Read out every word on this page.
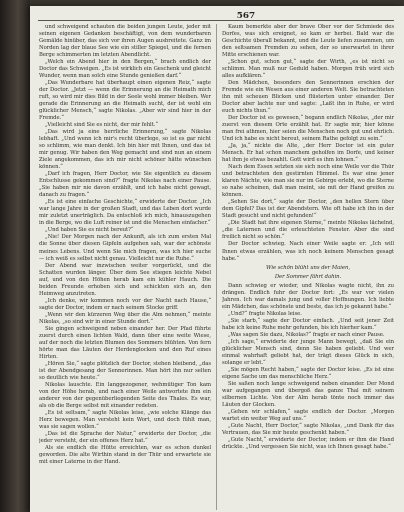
567

und schweigend schauten die beiden jungen Leute, jeder mit seinen eigenen Gedanken beschäftigt, von dem wunderbaren Gemälde hinüber, das sich vor ihren Augen ausbreitete. Ganz im Norden lag der blaue See wie ein stiller Spiegel, und die fernen Berge schimmerten im letzten Abendlicht.

„Welch ein Abend hier in den Bergen,“ brach endlich der Doctor das Schweigen. „Es ist wirklich ein Geschenk und gleicht Wunder, wenn man solch eine Stunde genießen darf.“

„Das Wunderbare hat überhaupt einen eigenen Reiz,“ sagte der Doctor. „Jetzt — wenn die Erinnerung an die Heimath mich ruft, so wird mir dies Bild in der Seele wohl immer bleiben. Wer gerade die Erinnerung an die Heimath sucht, der ist wohl ein glücklicher Mensch,“ sagte Nikolas. „Aber wir sind hier in der Fremde.“

„Vielleicht sind Sie es nicht, der mir fehlt.“

„Das wird ja eine herrliche Erinnerung,“ sagte Nikolas lebhaft. „Und wenn ich mir's recht überlege, so ist es gar nicht so schlimm, wie man denkt. Ich bin hier mit Ihnen, und das ist mir genug. Wir haben den Weg gemacht und sind nun an einem Ziele angekommen, das ich mir nicht schöner hätte wünschen können.“

„Darf ich fragen, Herr Doctor, wie Sie eigentlich zu diesem Entschlusse gekommen sind?“ fragte Nikolas nach einer Pause. „Sie haben mir nie davon erzählt, und ich habe nicht gewagt, danach zu fragen.“

„Es ist eine einfache Geschichte,“ erwiderte der Doctor. „Ich war lange Jahre in der großen Stadt, und das Leben dort wurde mir zuletzt unerträglich. Da entschloß ich mich, hinauszugehen in die Berge, wo die Luft reiner ist und die Menschen einfacher.“

„Und haben Sie es nicht bereut?“

„Nie! Der Morgen nach der Ankunft, als ich zum ersten Mal die Sonne über diesen Gipfeln aufgehen sah, war der schönste meines Lebens. Und wenn Sie mich fragen, was ich hier suche — ich weiß es selbst nicht genau. Vielleicht nur die Ruhe.“

Der Abend war inzwischen weiter vorgerückt, und die Schatten wurden länger. Über dem See stiegen leichte Nebel auf, und von den Höhen herab kam ein kühler Hauch. Die beiden Freunde erhoben sich und schickten sich an, den Heimweg anzutreten.

„Ich denke, wir kommen noch vor der Nacht nach Hause,“ sagte der Doctor, indem er nach seinem Stocke griff.

„Wenn wir den kürzeren Weg über die Alm nehmen,“ meinte Nikolas, „so sind wir in einer Stunde dort.“

Sie gingen schweigend neben einander her. Der Pfad führte zuerst durch einen lichten Wald, dann über eine weite Wiese, auf der noch die letzten Blumen des Sommers blühten. Von fern hörte man das Läuten der Herdenglocken und den Ruf eines Hirten.

„Hören Sie,“ sagte plötzlich der Doctor, stehen bleibend, „das ist der Abendgesang der Sennerinnen. Man hört ihn nur selten so deutlich wie heute.“

Nikolas lauschte. Ein langgezogener, wehmütiger Ton kam von der Höhe herab, und nach einer Weile antwortete ihm ein anderer von der gegenüberliegenden Seite des Thales. Es war, als ob die Berge selbst mit einander redeten.

„Es ist seltsam,“ sagte Nikolas leise, „wie solche Klänge das Herz bewegen. Man versteht kein Wort, und doch fühlt man, was sie sagen wollen.“

„Das ist die Sprache der Natur,“ erwiderte der Doctor, „die jeder versteht, der ein offenes Herz hat.“

Als sie endlich die Hütte erreichten, war es schon dunkel geworden. Die alte Wirthin stand in der Thür und erwartete sie mit einer Laterne in der Hand.

Kaum bemerkte aber der brave Ober vor der Schmiede des Dorfes, was sich ereignet, so kam er herbei. Bald war die Geschichte überall bekannt, und die Leute liefen zusammen, um den seltsamen Fremden zu sehen, der so unerwartet in ihrer Mitte erschienen war.

„Schon gut, schon gut,“ sagte der Wirth, „es ist nicht so schlimm. Man muß nur Geduld haben. Morgen früh wird sich alles aufklären.“

Den Mädchen, besonders den Sennerinnen erschien der Fremde wie ein Wesen aus einer anderen Welt. Sie betrachteten ihn mit scheuen Blicken und flüsterten unter einander. Der Doctor aber lachte nur und sagte: „Laßt ihn in Ruhe, er wird euch nichts thun.“

Der Doctor ist es gewesen,“ begann endlich Nikolas, „der mir zuerst von diesem Orte erzählt hat. Er sagte mir, hier könne man frei athmen, hier seien die Menschen noch gut und ehrlich. Und ich habe es nicht bereut, seinem Rathe gefolgt zu sein.“

„Ja, ja,“ nickte die Alte, „der Herr Doctor ist ein guter Mensch. Er hat schon manchem geholfen im Dorfe, und keiner hat ihm je etwas bezahlt. Gott wird es ihm lohnen.“

Nach dem Essen setzten sie sich noch eine Weile vor die Thür und betrachteten den gestirnten Himmel. Es war eine jener klaren Nächte, wie man sie nur im Gebirge erlebt, wo die Sterne so nahe scheinen, daß man meint, sie mit der Hand greifen zu können.

„Sehen Sie dort,“ sagte der Doctor, „den hellen Stern über dem Gipfel? Das ist der Abendstern. Wie oft habe ich ihn in der Stadt gesucht und nicht gefunden!“

„Die Stadt hat ihre eigenen Sterne,“ meinte Nikolas lächelnd, „die Laternen und die erleuchteten Fenster. Aber die sind freilich nicht so schön.“

Der Doctor schwieg. Nach einer Weile sagte er: „Ich will Ihnen etwas erzählen, was ich noch keinem Menschen gesagt habe.“

Wie schön blüht uns der Maien,

Der Sommer fährt dahin.

Dann schwieg er wieder, und Nikolas wagte nicht, ihn zu drängen. Endlich fuhr der Doctor fort: „Es war vor vielen Jahren. Ich war damals jung und voller Hoffnungen. Ich liebte ein Mädchen, das schönste und beste, das ich je gekannt habe.“

„Und?“ fragte Nikolas leise.

„Sie starb,“ sagte der Doctor einfach. „Und seit jener Zeit habe ich keine Ruhe mehr gefunden, bis ich hierher kam.“

„Was sagen Sie dazu, Nikolas?“ fragte er nach einer Pause.

„Ich sage,“ erwiderte der junge Mann bewegt, „daß Sie ein glücklicher Mensch sind, denn Sie haben geliebt. Und wer einmal wahrhaft geliebt hat, der trägt dieses Glück in sich, solange er lebt.“

„Sie mögen Recht haben,“ sagte der Doctor leise. „Es ist eine eigene Sache um das menschliche Herz.“

Sie saßen noch lange schweigend neben einander. Der Mond war aufgegangen und übergoß das ganze Thal mit seinem silbernen Lichte. Von der Alm herab tönte noch immer das Läuten der Glocken.

„Gehen wir schlafen,“ sagte endlich der Doctor. „Morgen wartet ein weiter Weg auf uns.“

„Gute Nacht, Herr Doctor,“ sagte Nikolas, „und Dank für das Vertrauen, das Sie mir heute geschenkt haben.“

„Gute Nacht,“ erwiderte der Doctor, indem er ihm die Hand drückte. „Und vergessen Sie nicht, was ich Ihnen gesagt habe.“
